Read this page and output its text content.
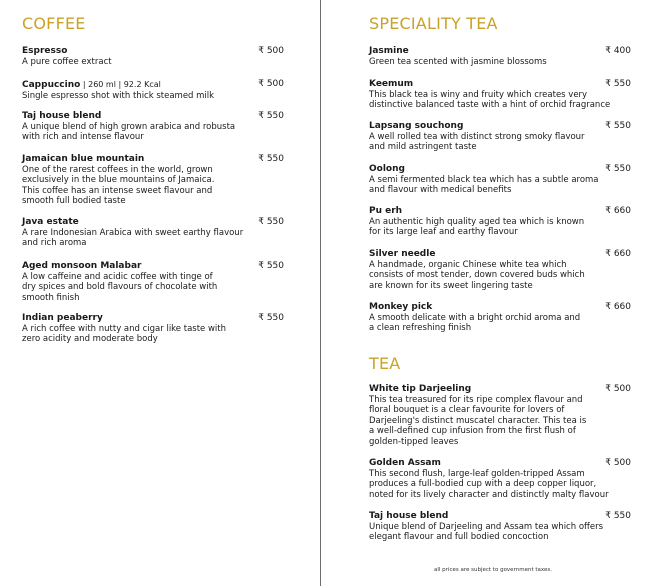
COFFEE
Espresso	₹ 500
A pure coffee extract
Cappuccino | 260 ml | 92.2 Kcal	₹ 500
Single espresso shot with thick steamed milk
Taj house blend	₹ 550
A unique blend of high grown arabica and robusta
with rich and intense flavour
Jamaican blue mountain	₹ 550
One of the rarest coffees in the world, grown
exclusively in the blue mountains of Jamaica.
This coffee has an intense sweet flavour and
smooth full bodied taste
Java estate	₹ 550
A rare Indonesian Arabica with sweet earthy flavour
and rich aroma
Aged monsoon Malabar	₹ 550
A low caffeine and acidic coffee with tinge of
dry spices and bold flavours of chocolate with
smooth finish
Indian peaberry	₹ 550
A rich coffee with nutty and cigar like taste with
zero acidity and moderate body
SPECIALITY TEA
Jasmine	₹ 400
Green tea scented with jasmine blossoms
Keemum	₹ 550
This black tea is winy and fruity which creates very
distinctive balanced taste with a hint of orchid fragrance
Lapsang souchong	₹ 550
A well rolled tea with distinct strong smoky flavour
and mild astringent taste
Oolong	₹ 550
A semi fermented black tea which has a subtle aroma
and flavour with medical benefits
Pu erh	₹ 660
An authentic high quality aged tea which is known
for its large leaf and earthy flavour
Silver needle	₹ 660
A handmade, organic Chinese white tea which
consists of most tender, down covered buds which
are known for its sweet lingering taste
Monkey pick	₹ 660
A smooth delicate with a bright orchid aroma and
a clean refreshing finish
TEA
White tip Darjeeling	₹ 500
This tea treasured for its ripe complex flavour and
floral bouquet is a clear favourite for lovers of
Darjeeling's distinct muscatel character. This tea is
a well-defined cup infusion from the first flush of
golden-tipped leaves
Golden Assam	₹ 500
This second flush, large-leaf golden-tripped Assam
produces a full-bodied cup with a deep copper liquor,
noted for its lively character and distinctly malty flavour
Taj house blend	₹ 550
Unique blend of Darjeeling and Assam tea which offers
elegant flavour and full bodied concoction
all prices are subject to government taxes.
